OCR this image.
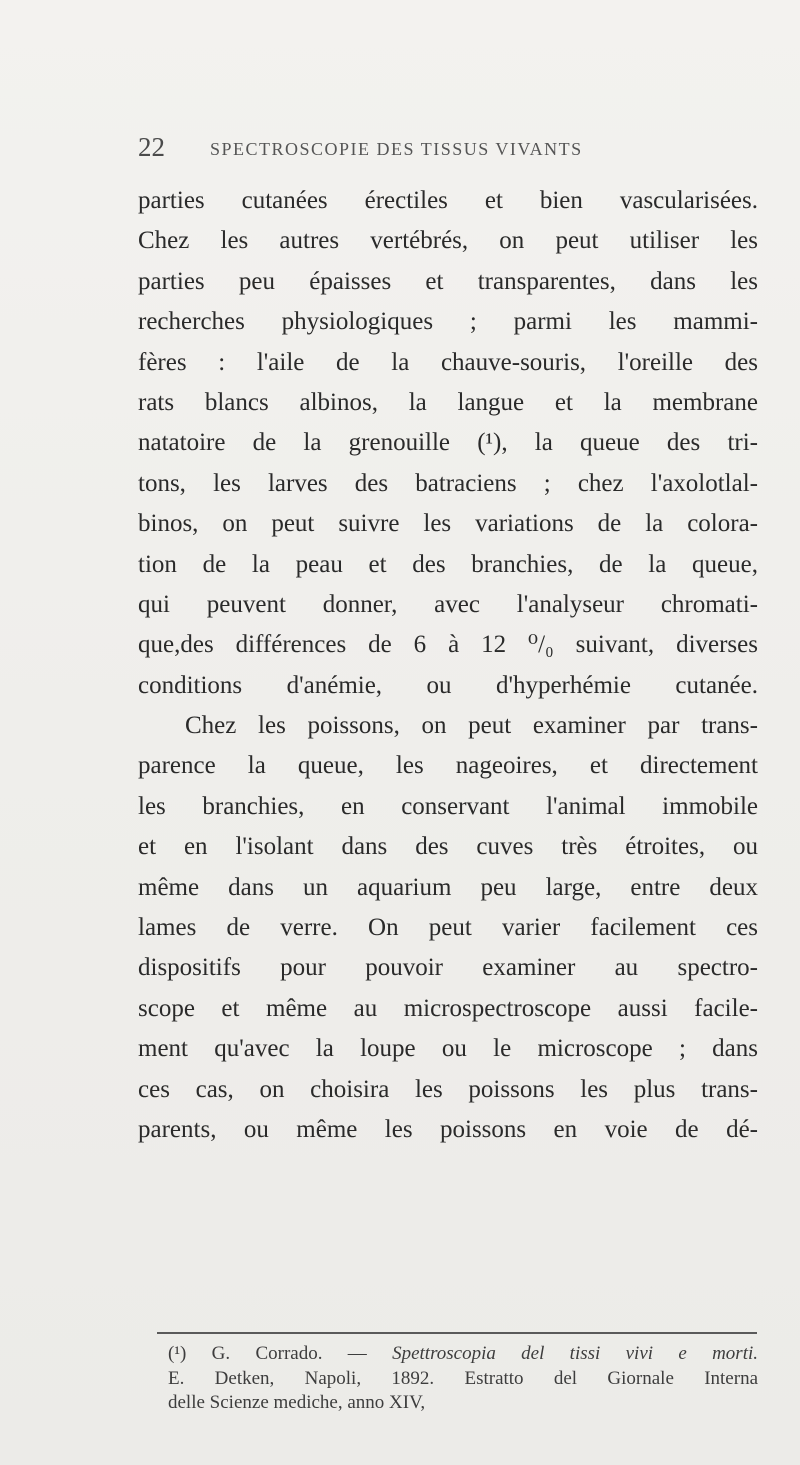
22	SPECTROSCOPIE DES TISSUS VIVANTS
parties cutanées érectiles et bien vascularisées.
Chez les autres vertébrés, on peut utiliser les
parties peu épaisses et transparentes, dans les
recherches physiologiques ; parmi les mammi-
fères : l'aile de la chauve-souris, l'oreille des
rats blancs albinos, la langue et la membrane
natatoire de la grenouille (¹), la queue des tri-
tons, les larves des batraciens ; chez l'axolotlal-
binos, on peut suivre les variations de la colora-
tion de la peau et des branchies, de la queue,
qui peuvent donner, avec l'analyseur chromati-
que,des différences de 6 à 12 ⁰/₀ suivant, diverses
conditions d'anémie, ou d'hyperhémie cutanée.
Chez les poissons, on peut examiner par trans-
parence la queue, les nageoires, et directement
les branchies, en conservant l'animal immobile
et en l'isolant dans des cuves très étroites, ou
même dans un aquarium peu large, entre deux
lames de verre. On peut varier facilement ces
dispositifs pour pouvoir examiner au spectro-
scope et même au microspectroscope aussi facile-
ment qu'avec la loupe ou le microscope ; dans
ces cas, on choisira les poissons les plus trans-
parents, ou même les poissons en voie de dé-
(¹) G. Corrado. — Spettroscopia del tissi vivi e morti.
E. Detken, Napoli, 1892. Estratto del Giornale Interna
delle Scienze mediche, anno XIV,
